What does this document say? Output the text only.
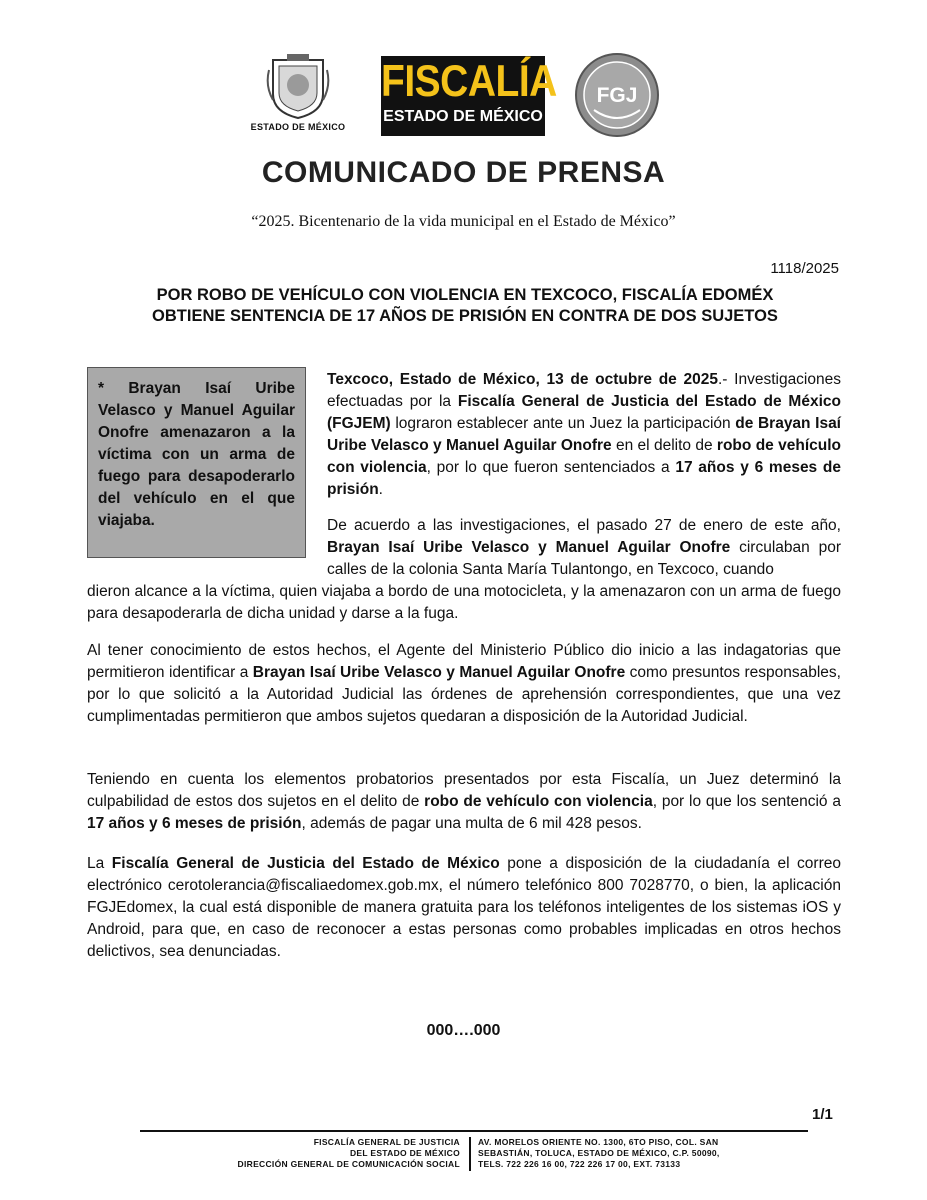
ESTADO DE MÉXICO
FISCALÍA
ESTADO DE MÉXICO
FGJ
COMUNICADO DE PRENSA
“2025. Bicentenario de la vida municipal en el Estado de México”
1118/2025
POR ROBO DE VEHÍCULO CON VIOLENCIA EN TEXCOCO, FISCALÍA EDOMÉX
OBTIENE SENTENCIA DE 17 AÑOS DE PRISIÓN EN CONTRA DE DOS SUJETOS
* Brayan Isaí Uribe Velasco y Manuel Aguilar Onofre amenazaron a la víctima con un arma de fuego para desapoderarlo del vehículo en el que viajaba.
Texcoco, Estado de México, 13 de octubre de 2025.- Investigaciones efectuadas por la Fiscalía General de Justicia del Estado de México (FGJEM) lograron establecer ante un Juez la participación de Brayan Isaí Uribe Velasco y Manuel Aguilar Onofre en el delito de robo de vehículo con violencia, por lo que fueron sentenciados a 17 años y 6 meses de prisión.
De acuerdo a las investigaciones, el pasado 27 de enero de este año, Brayan Isaí Uribe Velasco y Manuel Aguilar Onofre circulaban por calles de la colonia Santa María Tulantongo, en Texcoco, cuando
dieron alcance a la víctima, quien viajaba a bordo de una motocicleta, y la amenazaron con un arma de fuego para desapoderarla de dicha unidad y darse a la fuga.
Al tener conocimiento de estos hechos, el Agente del Ministerio Público dio inicio a las indagatorias que permitieron identificar a Brayan Isaí Uribe Velasco y Manuel Aguilar Onofre como presuntos responsables, por lo que solicitó a la Autoridad Judicial las órdenes de aprehensión correspondientes, que una vez cumplimentadas permitieron que ambos sujetos quedaran a disposición de la Autoridad Judicial.
Teniendo en cuenta los elementos probatorios presentados por esta Fiscalía, un Juez determinó la culpabilidad de estos dos sujetos en el delito de robo de vehículo con violencia, por lo que los sentenció a 17 años y 6 meses de prisión, además de pagar una multa de 6 mil 428 pesos.
La Fiscalía General de Justicia del Estado de México pone a disposición de la ciudadanía el correo electrónico cerotolerancia@fiscaliaedomex.gob.mx, el número telefónico 800 7028770, o bien, la aplicación FGJEdomex, la cual está disponible de manera gratuita para los teléfonos inteligentes de los sistemas iOS y Android, para que, en caso de reconocer a estas personas como probables implicadas en otros hechos delictivos, sea denunciadas.
000….000
1/1
FISCALÍA GENERAL DE JUSTICIA
DEL ESTADO DE MÉXICO
DIRECCIÓN GENERAL DE COMUNICACIÓN SOCIAL
AV. MORELOS ORIENTE NO. 1300, 6TO PISO, COL. SAN
SEBASTIÁN, TOLUCA, ESTADO DE MÉXICO, C.P. 50090,
TELS. 722 226 16 00, 722 226 17 00, EXT. 73133
